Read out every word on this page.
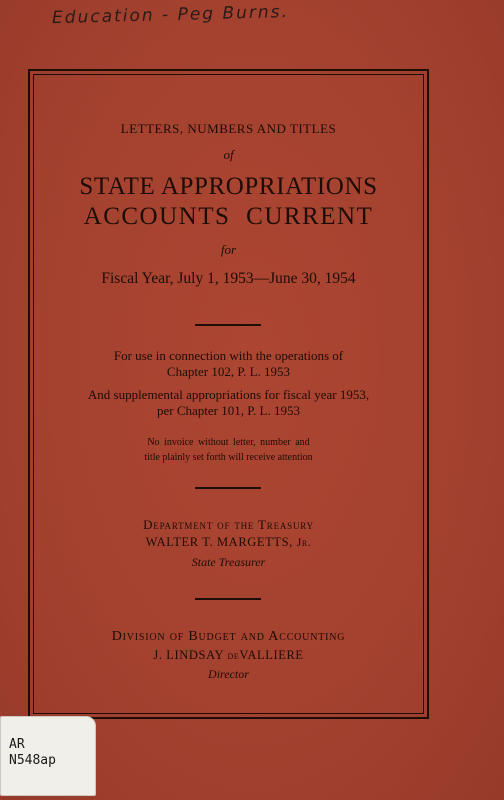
Education - Peg Burns.
LETTERS, NUMBERS AND TITLES
of
STATE APPROPRIATIONS
ACCOUNTS CURRENT
for
Fiscal Year, July 1, 1953—June 30, 1954
For use in connection with the operations of
Chapter 102, P. L. 1953
And supplemental appropriations for fiscal year 1953,
per Chapter 101, P. L. 1953
No invoice without letter, number and
title plainly set forth will receive attention
Department of the Treasury
WALTER T. MARGETTS, Jr.
State Treasurer
Division of Budget and Accounting
J. LINDSAY deVALLIERE
Director
AR
N548ap
